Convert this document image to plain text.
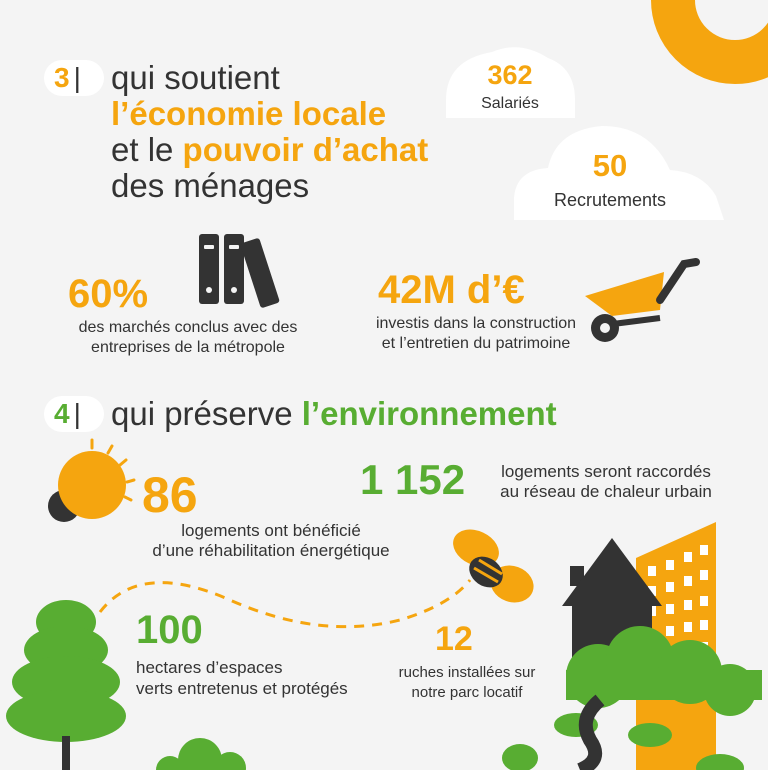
3 | qui soutient
l’économie locale
et le pouvoir d’achat
des ménages
362
Salariés
50
Recrutements
60%
des marchés conclus avec des
entreprises de la métropole
42M d’€
investis dans la construction
et l’entretien du patrimoine
4 | qui préserve l’environnement
86
logements ont bénéficié
d’une réhabilitation énergétique
1 152	logements seront raccordés
au réseau de chaleur urbain
100
hectares d’espaces
verts entretenus et protégés
12
ruches installées sur
notre parc locatif
